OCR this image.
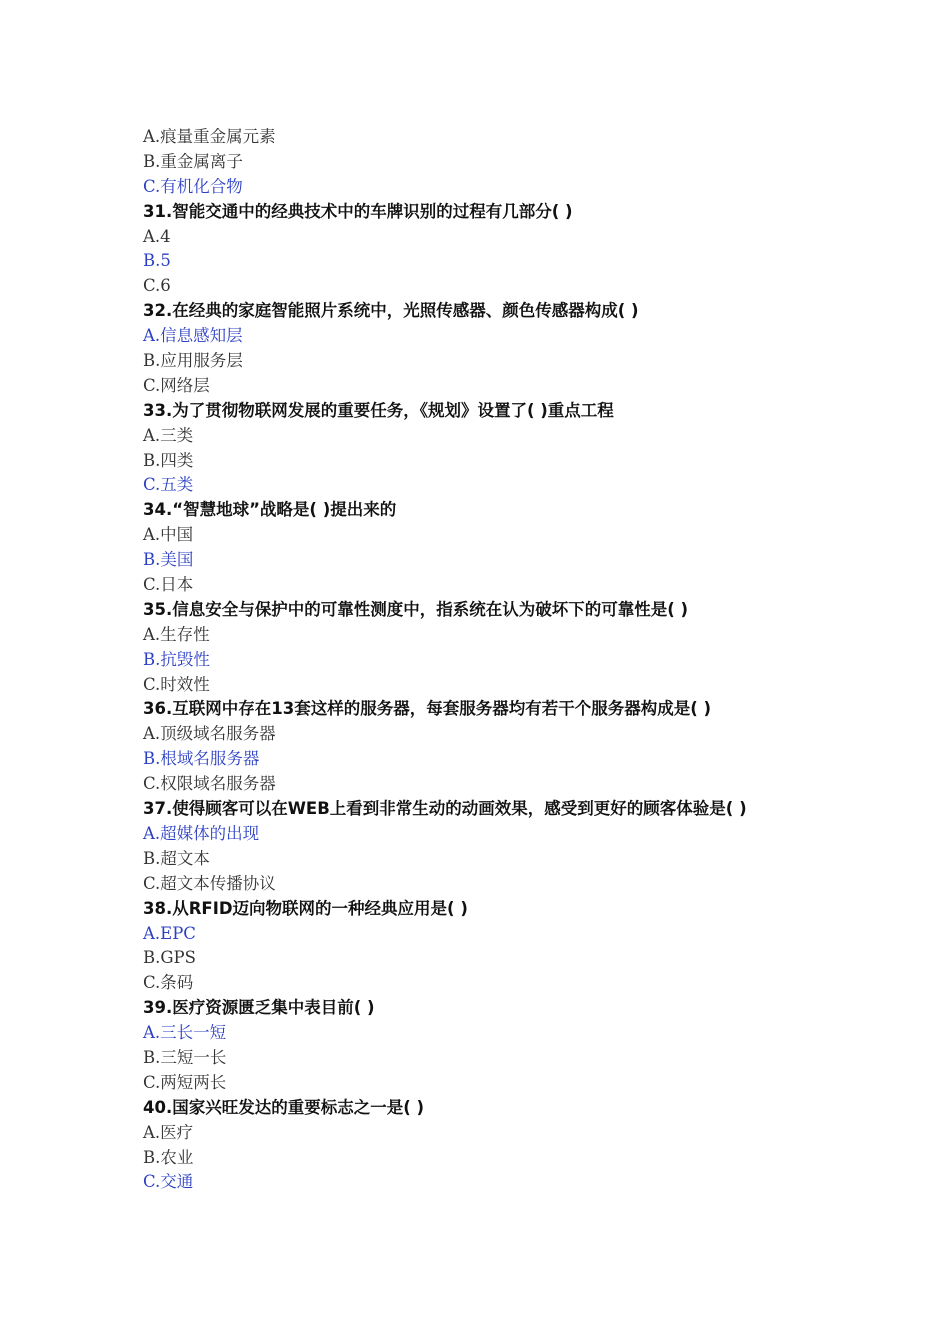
A.痕量重金属元素
B.重金属离子
C.有机化合物
31.智能交通中的经典技术中的车牌识别的过程有几部分( )
A.4
B.5
C.6
32.在经典的家庭智能照片系统中，光照传感器、颜色传感器构成( )
A.信息感知层
B.应用服务层
C.网络层
33.为了贯彻物联网发展的重要任务，《规划》设置了( )重点工程
A.三类
B.四类
C.五类
34.“智慧地球”战略是( )提出来的
A.中国
B.美国
C.日本
35.信息安全与保护中的可靠性测度中，指系统在认为破坏下的可靠性是( )
A.生存性
B.抗毁性
C.时效性
36.互联网中存在13套这样的服务器，每套服务器均有若干个服务器构成是( )
A.顶级域名服务器
B.根域名服务器
C.权限域名服务器
37.使得顾客可以在WEB上看到非常生动的动画效果，感受到更好的顾客体验是( )
A.超媒体的出现
B.超文本
C.超文本传播协议
38.从RFID迈向物联网的一种经典应用是( )
A.EPC
B.GPS
C.条码
39.医疗资源匮乏集中表目前( )
A.三长一短
B.三短一长
C.两短两长
40.国家兴旺发达的重要标志之一是( )
A.医疗
B.农业
C.交通
